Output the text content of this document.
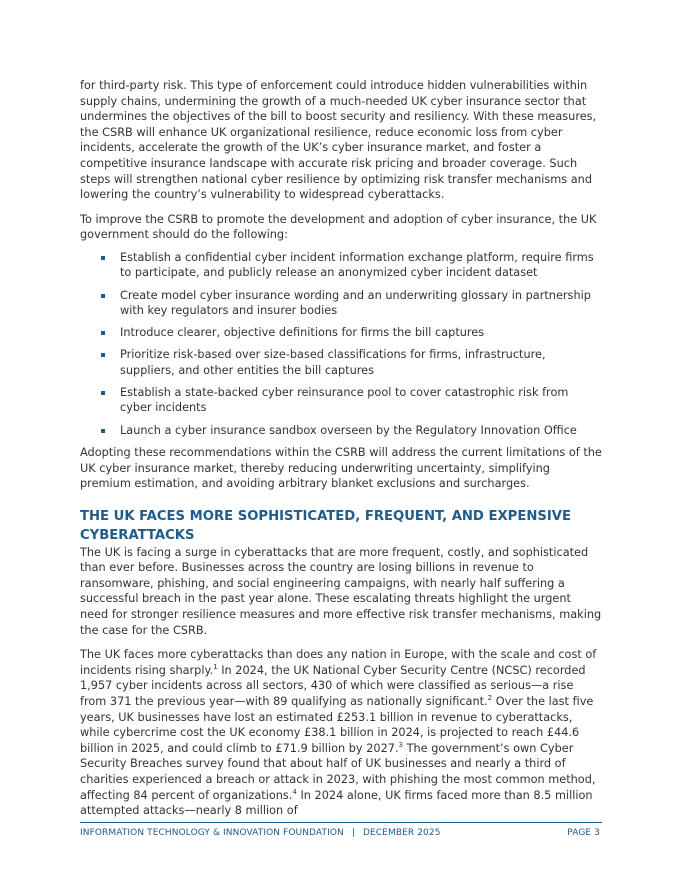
for third-party risk. This type of enforcement could introduce hidden vulnerabilities within supply chains, undermining the growth of a much-needed UK cyber insurance sector that undermines the objectives of the bill to boost security and resiliency. With these measures, the CSRB will enhance UK organizational resilience, reduce economic loss from cyber incidents, accelerate the growth of the UK’s cyber insurance market, and foster a competitive insurance landscape with accurate risk pricing and broader coverage. Such steps will strengthen national cyber resilience by optimizing risk transfer mechanisms and lowering the country’s vulnerability to widespread cyberattacks.

To improve the CSRB to promote the development and adoption of cyber insurance, the UK government should do the following:

Establish a confidential cyber incident information exchange platform, require firms to participate, and publicly release an anonymized cyber incident dataset
Create model cyber insurance wording and an underwriting glossary in partnership with key regulators and insurer bodies
Introduce clearer, objective definitions for firms the bill captures
Prioritize risk-based over size-based classifications for firms, infrastructure, suppliers, and other entities the bill captures
Establish a state-backed cyber reinsurance pool to cover catastrophic risk from cyber incidents
Launch a cyber insurance sandbox overseen by the Regulatory Innovation Office

Adopting these recommendations within the CSRB will address the current limitations of the UK cyber insurance market, thereby reducing underwriting uncertainty, simplifying premium estimation, and avoiding arbitrary blanket exclusions and surcharges.

THE UK FACES MORE SOPHISTICATED, FREQUENT, AND EXPENSIVE CYBERATTACKS

The UK is facing a surge in cyberattacks that are more frequent, costly, and sophisticated than ever before. Businesses across the country are losing billions in revenue to ransomware, phishing, and social engineering campaigns, with nearly half suffering a successful breach in the past year alone. These escalating threats highlight the urgent need for stronger resilience measures and more effective risk transfer mechanisms, making the case for the CSRB.

The UK faces more cyberattacks than does any nation in Europe, with the scale and cost of incidents rising sharply.$^1$ In 2024, the UK National Cyber Security Centre (NCSC) recorded 1,957 cyber incidents across all sectors, 430 of which were classified as serious—a rise from 371 the previous year—with 89 qualifying as nationally significant.$^2$ Over the last five years, UK businesses have lost an estimated £253.1 billion in revenue to cyberattacks, while cybercrime cost the UK economy £38.1 billion in 2024, is projected to reach £44.6 billion in 2025, and could climb to £71.9 billion by 2027.$^3$ The government’s own Cyber Security Breaches survey found that about half of UK businesses and nearly a third of charities experienced a breach or attack in 2023, with phishing the most common method, affecting 84 percent of organizations.$^4$ In 2024 alone, UK firms faced more than 8.5 million attempted attacks—nearly 8 million of

INFORMATION TECHNOLOGY & INNOVATION FOUNDATION | DECEMBER 2025	PAGE 3
